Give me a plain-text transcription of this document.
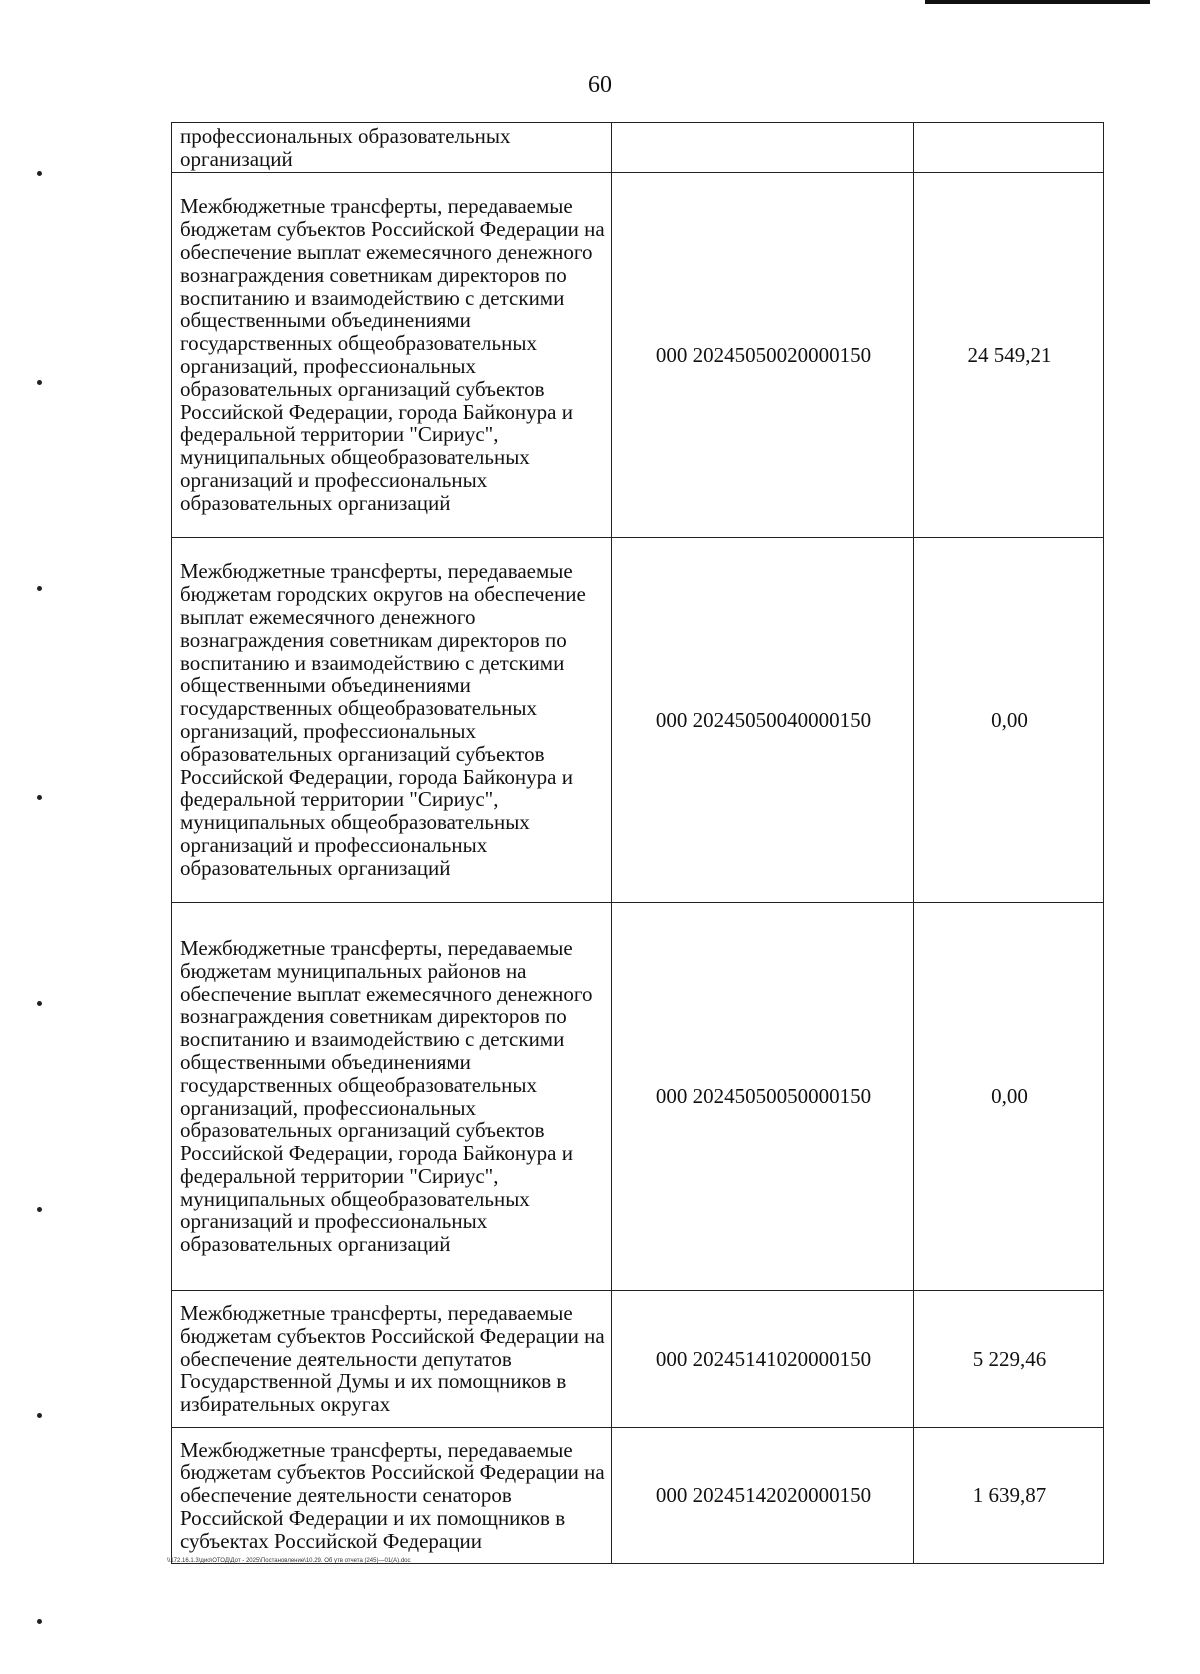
60
профессиональных образовательных организаций		
Межбюджетные трансферты, передаваемые бюджетам субъектов Российской Федерации на обеспечение выплат ежемесячного денежного вознаграждения советникам директоров по воспитанию и взаимодействию с детскими общественными объединениями государственных общеобразовательных организаций, профессиональных образовательных организаций субъектов Российской Федерации, города Байконура и федеральной территории "Сириус", муниципальных общеобразовательных организаций и профессиональных образовательных организаций	000 20245050020000150	24 549,21
Межбюджетные трансферты, передаваемые бюджетам городских округов на обеспечение выплат ежемесячного денежного вознаграждения советникам директоров по воспитанию и взаимодействию с детскими общественными объединениями государственных общеобразовательных организаций, профессиональных образовательных организаций субъектов Российской Федерации, города Байконура и федеральной территории "Сириус", муниципальных общеобразовательных организаций и профессиональных образовательных организаций	000 20245050040000150	0,00
Межбюджетные трансферты, передаваемые бюджетам муниципальных районов на обеспечение выплат ежемесячного денежного вознаграждения советникам директоров по воспитанию и взаимодействию с детскими общественными объединениями государственных общеобразовательных организаций, профессиональных образовательных организаций субъектов Российской Федерации, города Байконура и федеральной территории "Сириус", муниципальных общеобразовательных организаций и профессиональных образовательных организаций	000 20245050050000150	0,00
Межбюджетные трансферты, передаваемые бюджетам субъектов Российской Федерации на обеспечение деятельности депутатов Государственной Думы и их помощников в избирательных округах	000 20245141020000150	5 229,46
Межбюджетные трансферты, передаваемые бюджетам субъектов Российской Федерации на обеспечение деятельности сенаторов Российской Федерации и их помощников в субъектах Российской Федерации	000 20245142020000150	1 639,87
\\172.16.1.3\дио\ОТОД\Дот - 2025\Постановление\10.29. Об утв отчета (245)—01(А).doc
